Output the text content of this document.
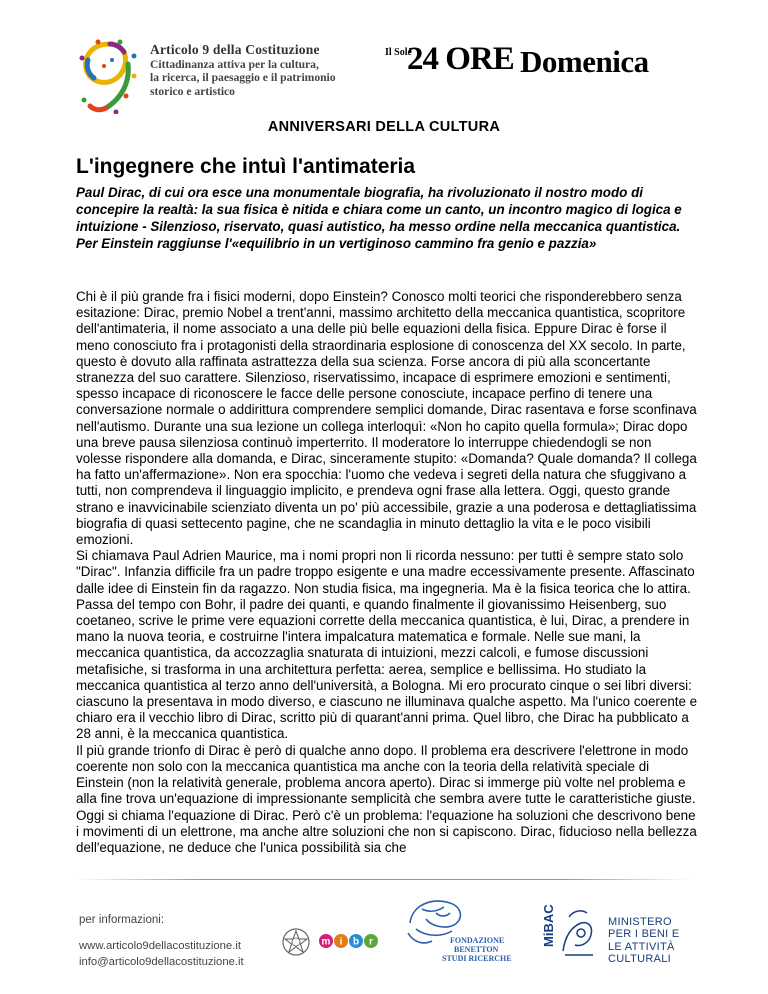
Articolo 9 della Costituzione
Cittadinanza attiva per la cultura,
la ricerca, il paesaggio e il patrimonio
storico e artistico
Il Sole
24 ORE Domenica
ANNIVERSARI DELLA CULTURA
L'ingegnere che intuì l'antimateria
Paul Dirac, di cui ora esce una monumentale biografia, ha rivoluzionato il nostro modo di concepire la realtà: la sua fisica è nitida e chiara come un canto, un incontro magico di logica e intuizione - Silenzioso, riservato, quasi autistico, ha messo ordine nella meccanica quantistica. Per Einstein raggiunse l'«equilibrio in un vertiginoso cammino fra genio e pazzia»

Chi è il più grande fra i fisici moderni, dopo Einstein? Conosco molti teorici che risponderebbero senza esitazione: Dirac, premio Nobel a trent'anni, massimo architetto della meccanica quantistica, scopritore dell'antimateria, il nome associato a una delle più belle equazioni della fisica. Eppure Dirac è forse il meno conosciuto fra i protagonisti della straordinaria esplosione di conoscenza del XX secolo. In parte, questo è dovuto alla raffinata astrattezza della sua scienza. Forse ancora di più alla sconcertante stranezza del suo carattere. Silenzioso, riservatissimo, incapace di esprimere emozioni e sentimenti, spesso incapace di riconoscere le facce delle persone conosciute, incapace perfino di tenere una conversazione normale o addirittura comprendere semplici domande, Dirac rasentava e forse sconfinava nell'autismo. Durante una sua lezione un collega interloquì: «Non ho capito quella formula»; Dirac dopo una breve pausa silenziosa continuò imperterrito. Il moderatore lo interruppe chiedendogli se non volesse rispondere alla domanda, e Dirac, sinceramente stupito: «Domanda? Quale domanda? Il collega ha fatto un'affermazione». Non era spocchia: l'uomo che vedeva i segreti della natura che sfuggivano a tutti, non comprendeva il linguaggio implicito, e prendeva ogni frase alla lettera. Oggi, questo grande strano e inavvicinabile scienziato diventa un po' più accessibile, grazie a una poderosa e dettagliatissima biografia di quasi settecento pagine, che ne scandaglia in minuto dettaglio la vita e le poco visibili emozioni.

Si chiamava Paul Adrien Maurice, ma i nomi propri non li ricorda nessuno: per tutti è sempre stato solo "Dirac". Infanzia difficile fra un padre troppo esigente e una madre eccessivamente presente. Affascinato dalle idee di Einstein fin da ragazzo. Non studia fisica, ma ingegneria. Ma è la fisica teorica che lo attira. Passa del tempo con Bohr, il padre dei quanti, e quando finalmente il giovanissimo Heisenberg, suo coetaneo, scrive le prime vere equazioni corrette della meccanica quantistica, è lui, Dirac, a prendere in mano la nuova teoria, e costruirne l'intera impalcatura matematica e formale. Nelle sue mani, la meccanica quantistica, da accozzaglia snaturata di intuizioni, mezzi calcoli, e fumose discussioni metafisiche, si trasforma in una architettura perfetta: aerea, semplice e bellissima. Ho studiato la meccanica quantistica al terzo anno dell'università, a Bologna. Mi ero procurato cinque o sei libri diversi: ciascuno la presentava in modo diverso, e ciascuno ne illuminava qualche aspetto. Ma l'unico coerente e chiaro era il vecchio libro di Dirac, scritto più di quarant'anni prima. Quel libro, che Dirac ha pubblicato a 28 anni, è la meccanica quantistica.

Il più grande trionfo di Dirac è però di qualche anno dopo. Il problema era descrivere l'elettrone in modo coerente non solo con la meccanica quantistica ma anche con la teoria della relatività speciale di Einstein (non la relatività generale, problema ancora aperto). Dirac si immerge più volte nel problema e alla fine trova un'equazione di impressionante semplicità che sembra avere tutte le caratteristiche giuste. Oggi si chiama l'equazione di Dirac. Però c'è un problema: l'equazione ha soluzioni che descrivono bene i movimenti di un elettrone, ma anche altre soluzioni che non si capiscono. Dirac, fiducioso nella bellezza dell'equazione, ne deduce che l'unica possibilità sia che

per informazioni:
www.articolo9dellacostituzione.it
info@articolo9dellacostituzione.it
m i b r	FONDAZIONE
BENETTON
STUDI RICERCHE
MiBAC	MINISTERO
PER I BENI E
LE ATTIVITÀ
CULTURALI
